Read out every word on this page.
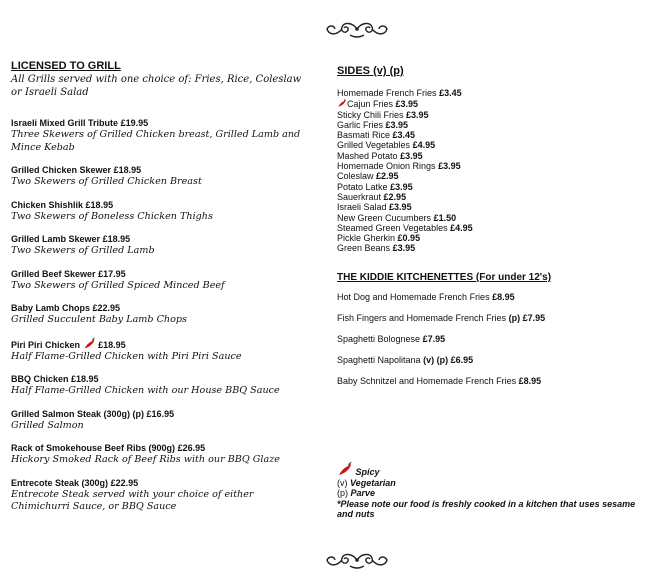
LICENSED TO GRILL
All Grills served with one choice of: Fries, Rice, Coleslaw or Israeli Salad
Israeli Mixed Grill Tribute £19.95
Three Skewers of Grilled Chicken breast, Grilled Lamb and Mince Kebab
Grilled Chicken Skewer £18.95
Two Skewers of Grilled Chicken Breast
Chicken Shishlik £18.95
Two Skewers of Boneless Chicken Thighs
Grilled Lamb Skewer £18.95
Two Skewers of Grilled Lamb
Grilled Beef Skewer £17.95
Two Skewers of Grilled Spiced Minced Beef
Baby Lamb Chops £22.95
Grilled Succulent Baby Lamb Chops
Piri Piri Chicken £18.95
Half Flame-Grilled Chicken with Piri Piri Sauce
BBQ Chicken £18.95
Half Flame-Grilled Chicken with our House BBQ Sauce
Grilled Salmon Steak (300g) (p) £16.95
Grilled Salmon
Rack of Smokehouse Beef Ribs (900g) £26.95
Hickory Smoked Rack of Beef Ribs with our BBQ Glaze
Entrecote Steak (300g) £22.95
Entrecote Steak served with your choice of either Chimichurri Sauce, or BBQ Sauce
SIDES (v) (p)
Homemade French Fries £3.45
Cajun Fries £3.95
Sticky Chili Fries £3.95
Garlic Fries £3.95
Basmati Rice £3.45
Grilled Vegetables £4.95
Mashed Potato £3.95
Homemade Onion Rings £3.95
Coleslaw £2.95
Potato Latke £3.95
Sauerkraut £2.95
Israeli Salad £3.95
New Green Cucumbers £1.50
Steamed Green Vegetables £4.95
Pickle Gherkin £0.95
Green Beans £3.95
THE KIDDIE KITCHENETTES (For under 12's)
Hot Dog and Homemade French Fries £8.95
Fish Fingers and Homemade French Fries (p) £7.95
Spaghetti Bolognese £7.95
Spaghetti Napolitana (v) (p) £6.95
Baby Schnitzel and Homemade French Fries £8.95
Spicy
(v) Vegetarian
(p) Parve
*Please note our food is freshly cooked in a kitchen that uses sesame and nuts
